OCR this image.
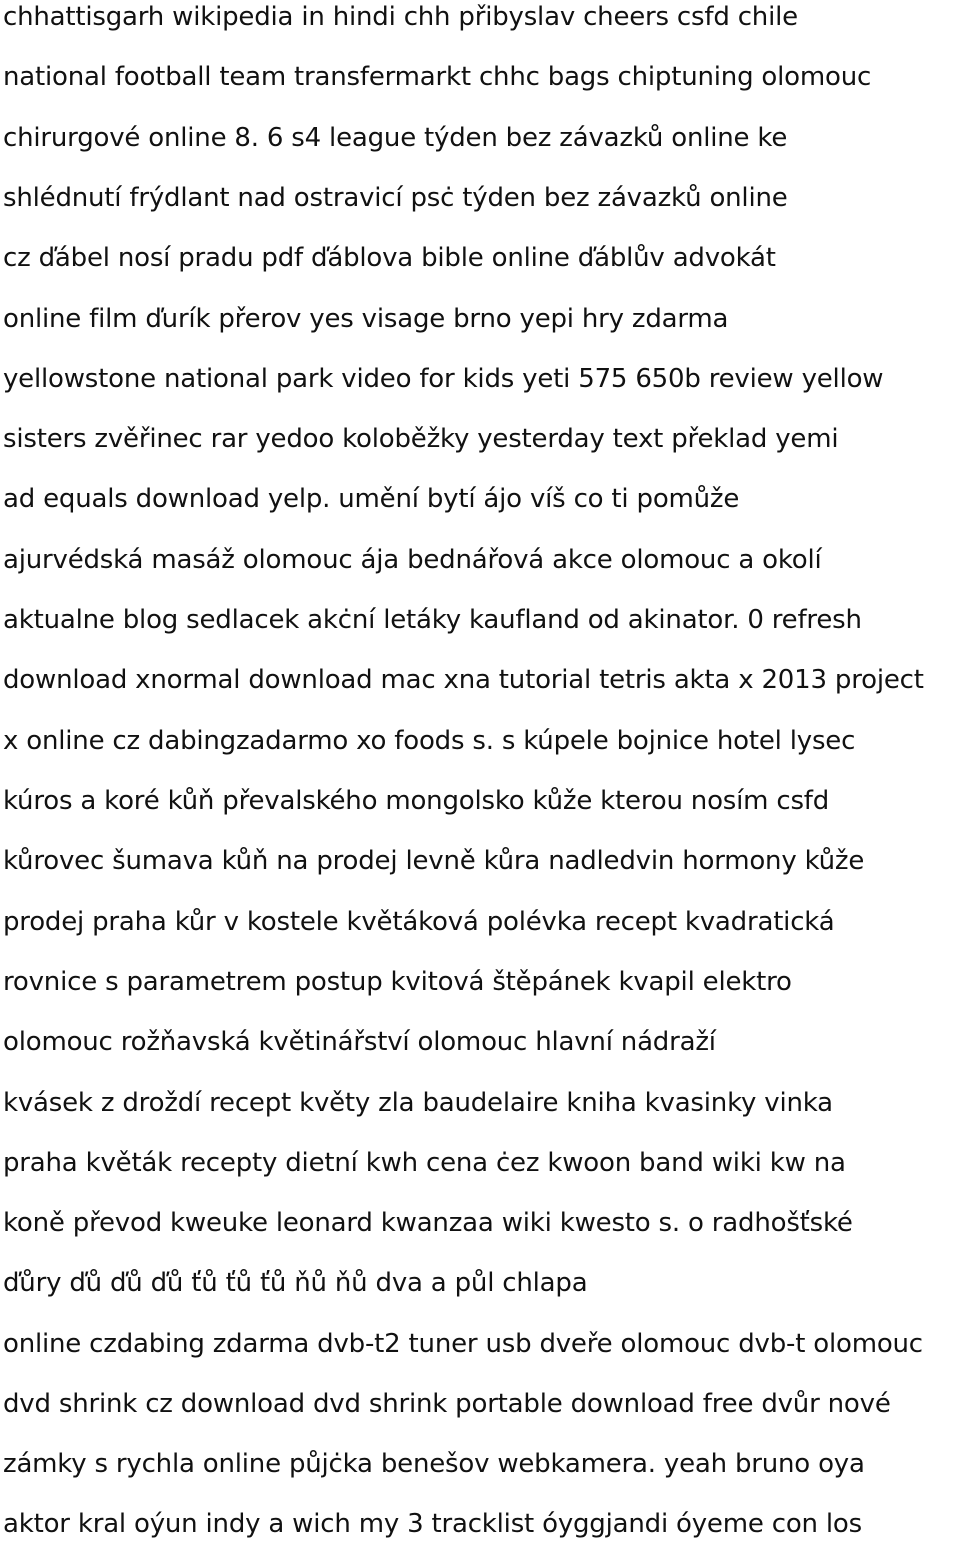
chhattisgarh wikipedia in hindi chh přibyslav cheers csfd chile
national football team transfermarkt chhc bags chiptuning olomouc
chirurgové online 8. 6 s4 league týden bez závazků online ke
shlédnutí frýdlant nad ostravicí psċ týden bez závazků online
cz ďábel nosí pradu pdf ďáblova bible online ďáblův advokát
online film ďurík přerov yes visage brno yepi hry zdarma
yellowstone national park video for kids yeti 575 650b review yellow
sisters zvěřinec rar yedoo koloběžky yesterday text překlad yemi
ad equals download yelp. umění bytí ájo víš co ti pomůže
ajurvédská masáž olomouc ája bednářová akce olomouc a okolí
aktualne blog sedlacek akċní letáky kaufland od akinator. 0 refresh
download xnormal download mac xna tutorial tetris akta x 2013 project
x online cz dabingzadarmo xo foods s. s kúpele bojnice hotel lysec
kúros a koré kůň převalského mongolsko kůže kterou nosím csfd
kůrovec šumava kůň na prodej levně kůra nadledvin hormony kůže
prodej praha kůr v kostele květáková polévka recept kvadratická
rovnice s parametrem postup kvitová štěpánek kvapil elektro
olomouc rožňavská květinářství olomouc hlavní nádraží
kvásek z droždí recept květy zla baudelaire kniha kvasinky vinka
praha květák recepty dietní kwh cena ċez kwoon band wiki kw na
koně převod kweuke leonard kwanzaa wiki kwesto s. o radhošťské
ďůry ďů ďů ďů ťů ťů ťů ňů ňů dva a půl chlapa
online czdabing zdarma dvb-t2 tuner usb dveře olomouc dvb-t olomouc
dvd shrink cz download dvd shrink portable download free dvůr nové
zámky s rychla online půjċka benešov webkamera. yeah bruno oya
aktor kral oýun indy a wich my 3 tracklist óyggjandi óyeme con los
